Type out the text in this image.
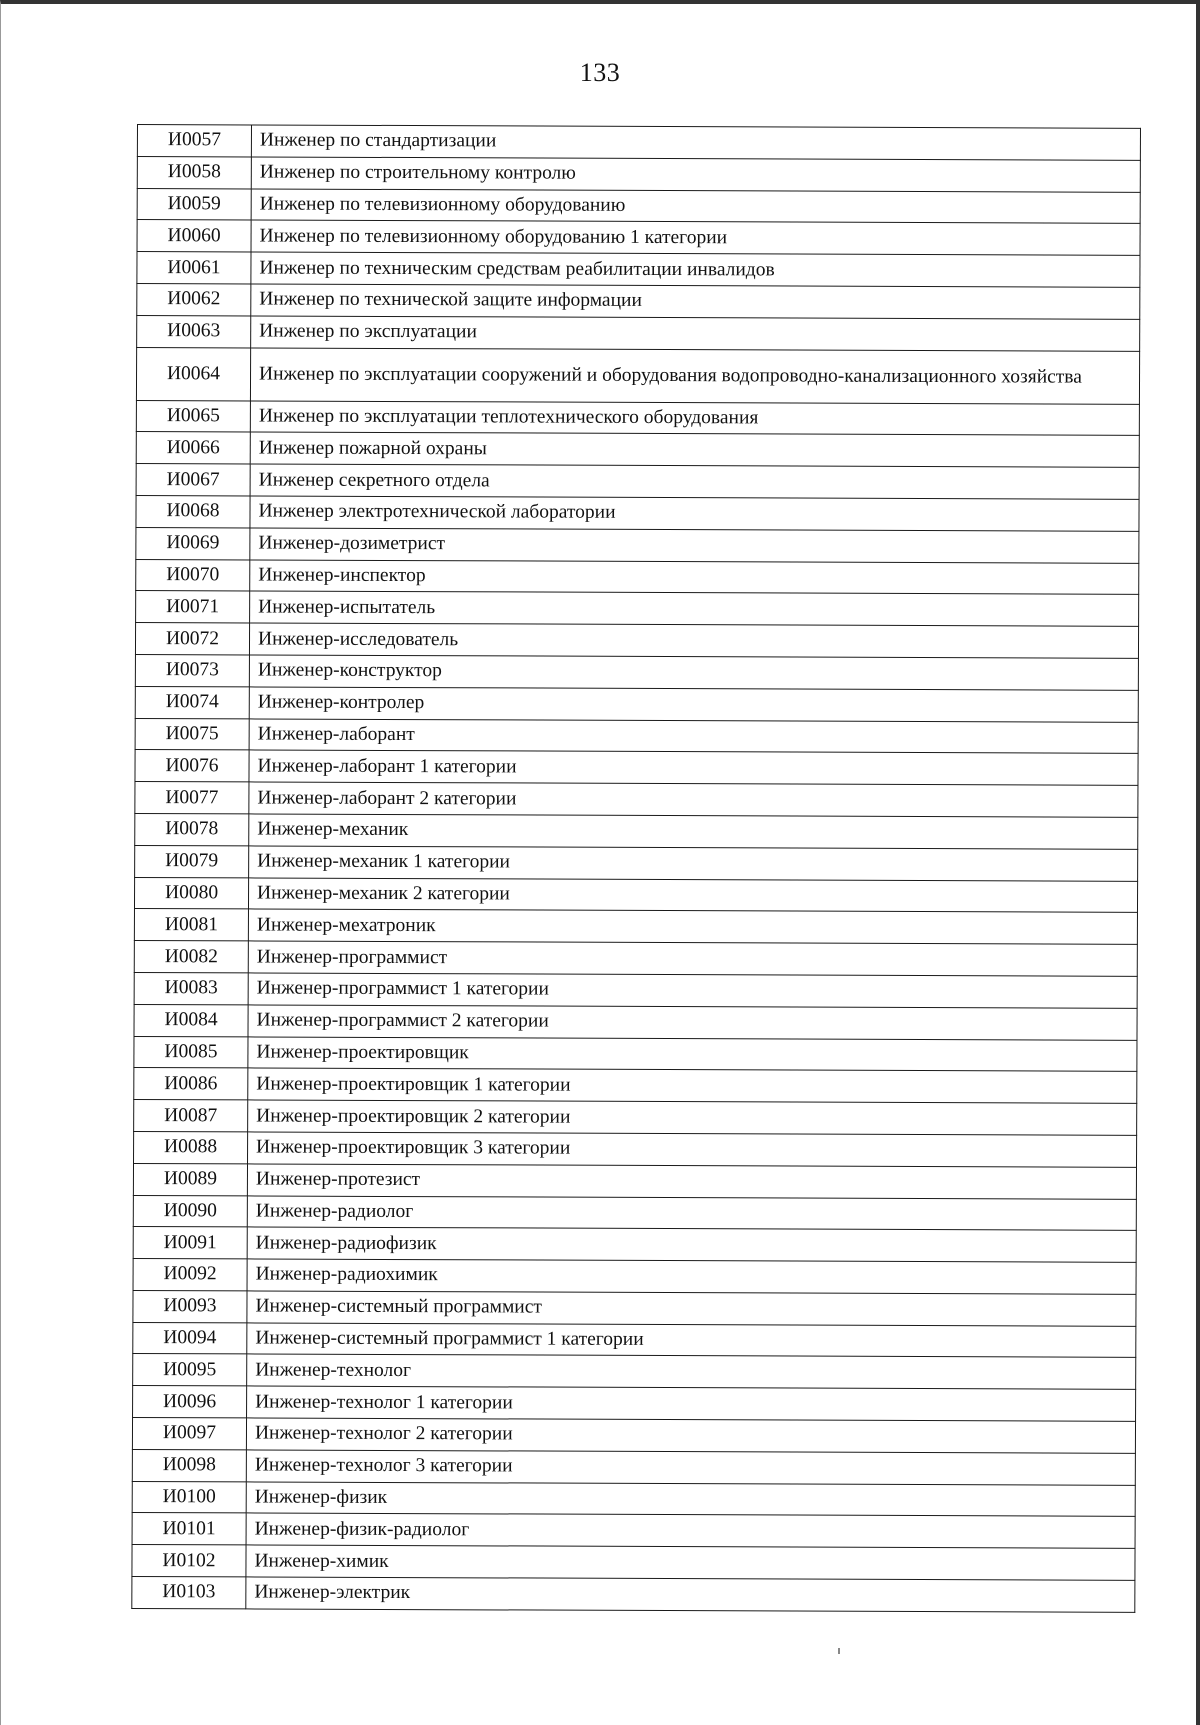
133
И0057	Инженер по стандартизации
И0058	Инженер по строительному контролю
И0059	Инженер по телевизионному оборудованию
И0060	Инженер по телевизионному оборудованию 1 категории
И0061	Инженер по техническим средствам реабилитации инвалидов
И0062	Инженер по технической защите информации
И0063	Инженер по эксплуатации
И0064	Инженер по эксплуатации сооружений и оборудования водопроводно-канализационного хозяйства
И0065	Инженер по эксплуатации теплотехнического оборудования
И0066	Инженер пожарной охраны
И0067	Инженер секретного отдела
И0068	Инженер электротехнической лаборатории
И0069	Инженер-дозиметрист
И0070	Инженер-инспектор
И0071	Инженер-испытатель
И0072	Инженер-исследователь
И0073	Инженер-конструктор
И0074	Инженер-контролер
И0075	Инженер-лаборант
И0076	Инженер-лаборант 1 категории
И0077	Инженер-лаборант 2 категории
И0078	Инженер-механик
И0079	Инженер-механик 1 категории
И0080	Инженер-механик 2 категории
И0081	Инженер-мехатроник
И0082	Инженер-программист
И0083	Инженер-программист 1 категории
И0084	Инженер-программист 2 категории
И0085	Инженер-проектировщик
И0086	Инженер-проектировщик 1 категории
И0087	Инженер-проектировщик 2 категории
И0088	Инженер-проектировщик 3 категории
И0089	Инженер-протезист
И0090	Инженер-радиолог
И0091	Инженер-радиофизик
И0092	Инженер-радиохимик
И0093	Инженер-системный программист
И0094	Инженер-системный программист 1 категории
И0095	Инженер-технолог
И0096	Инженер-технолог 1 категории
И0097	Инженер-технолог 2 категории
И0098	Инженер-технолог 3 категории
И0100	Инженер-физик
И0101	Инженер-физик-радиолог
И0102	Инженер-химик
И0103	Инженер-электрик
